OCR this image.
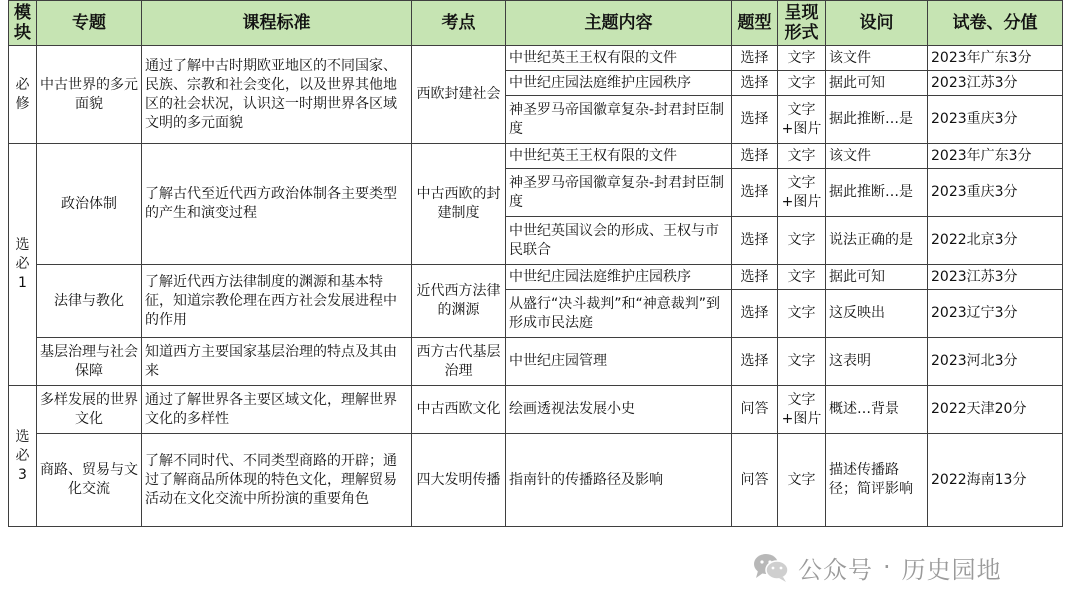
模块	专题	课程标准	考点	主题内容	题型	呈现形式	设问	试卷、分值
必修	中古世界的多元面貌	通过了解中古时期欧亚地区的不同国家、民族、宗教和社会变化，以及世界其他地区的社会状况，认识这一时期世界各区域文明的多元面貌	西欧封建社会	中世纪英王王权有限的文件	选择	文字	该文件	2023年广东3分
				中世纪庄园法庭维护庄园秩序	选择	文字	据此可知	2023江苏3分
				神圣罗马帝国徽章复杂-封君封臣制度	选择	文字+图片	据此推断…是	2023重庆3分
选必1	政治体制	了解古代至近代西方政治体制各主要类型的产生和演变过程	中古西欧的封建制度	中世纪英王王权有限的文件	选择	文字	该文件	2023年广东3分
				神圣罗马帝国徽章复杂-封君封臣制度	选择	文字+图片	据此推断…是	2023重庆3分
				中世纪英国议会的形成、王权与市民联合	选择	文字	说法正确的是	2022北京3分
	法律与教化	了解近代西方法律制度的渊源和基本特征，知道宗教伦理在西方社会发展进程中的作用	近代西方法律的渊源	中世纪庄园法庭维护庄园秩序	选择	文字	据此可知	2023江苏3分
				从盛行“决斗裁判”和“神意裁判”到形成市民法庭	选择	文字	这反映出	2023辽宁3分
	基层治理与社会保障	知道西方主要国家基层治理的特点及其由来	西方古代基层治理	中世纪庄园管理	选择	文字	这表明	2023河北3分
选必3	多样发展的世界文化	通过了解世界各主要区域文化，理解世界文化的多样性	中古西欧文化	绘画透视法发展小史	问答	文字+图片	概述…背景	2022天津20分
	商路、贸易与文化交流	了解不同时代、不同类型商路的开辟；通过了解商品所体现的特色文化，理解贸易活动在文化交流中所扮演的重要角色	四大发明传播	指南针的传播路径及影响	问答	文字	描述传播路径；简评影响	2022海南13分
公众号 · 历史园地
